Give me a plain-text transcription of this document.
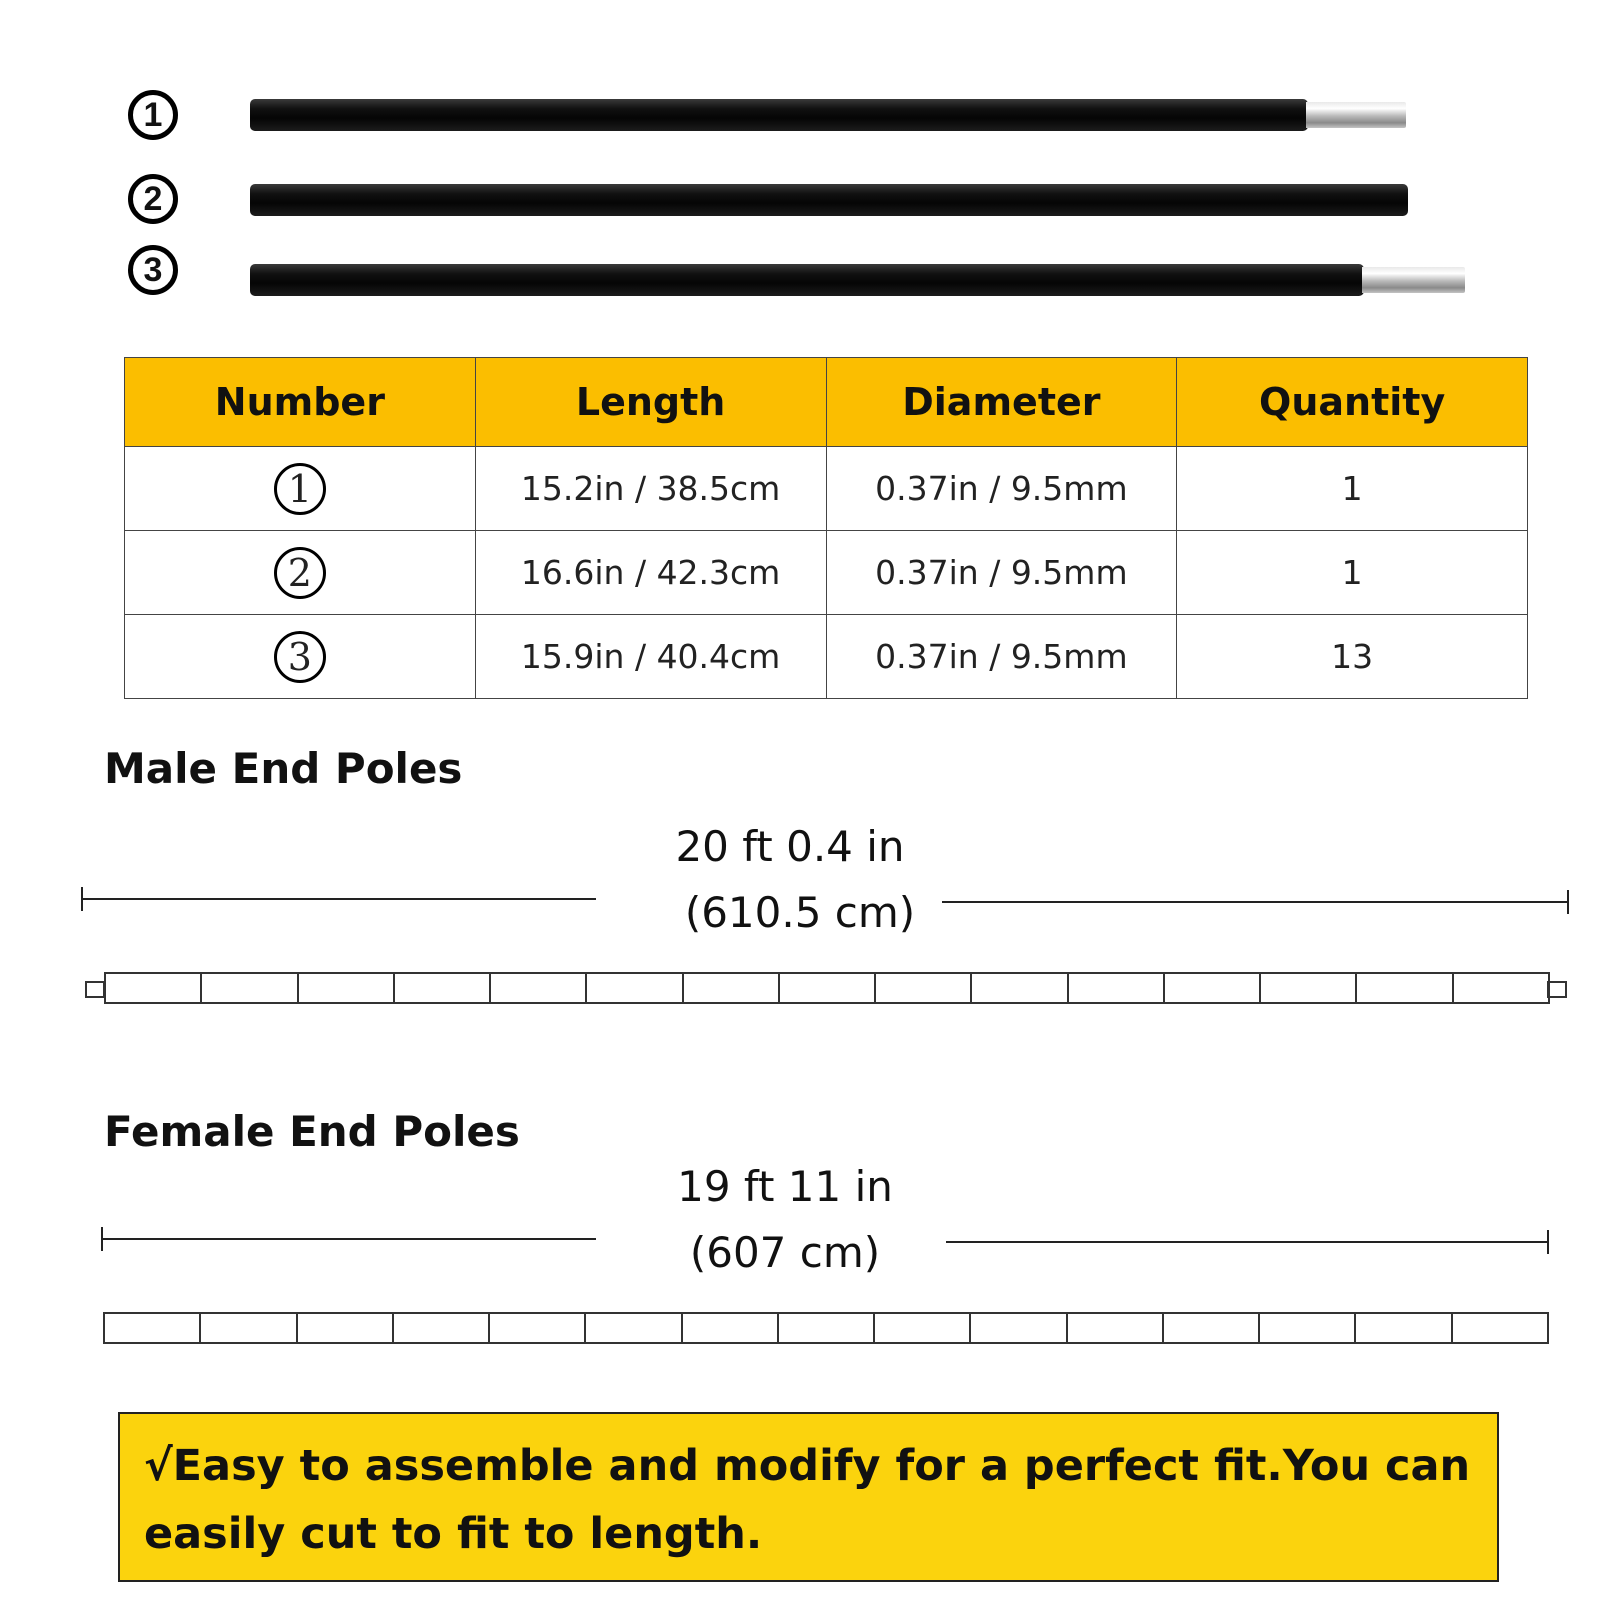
1
2
3
Number	Length	Diameter	Quantity
1	15.2in / 38.5cm	0.37in / 9.5mm	1
2	16.6in / 42.3cm	0.37in / 9.5mm	1
3	15.9in / 40.4cm	0.37in / 9.5mm	13
Male End Poles
20 ft 0.4 in
(610.5 cm)
Female End Poles
19 ft 11 in
(607 cm)
√Easy to assemble and modify for a perfect fit.You can easily cut to fit to length.
